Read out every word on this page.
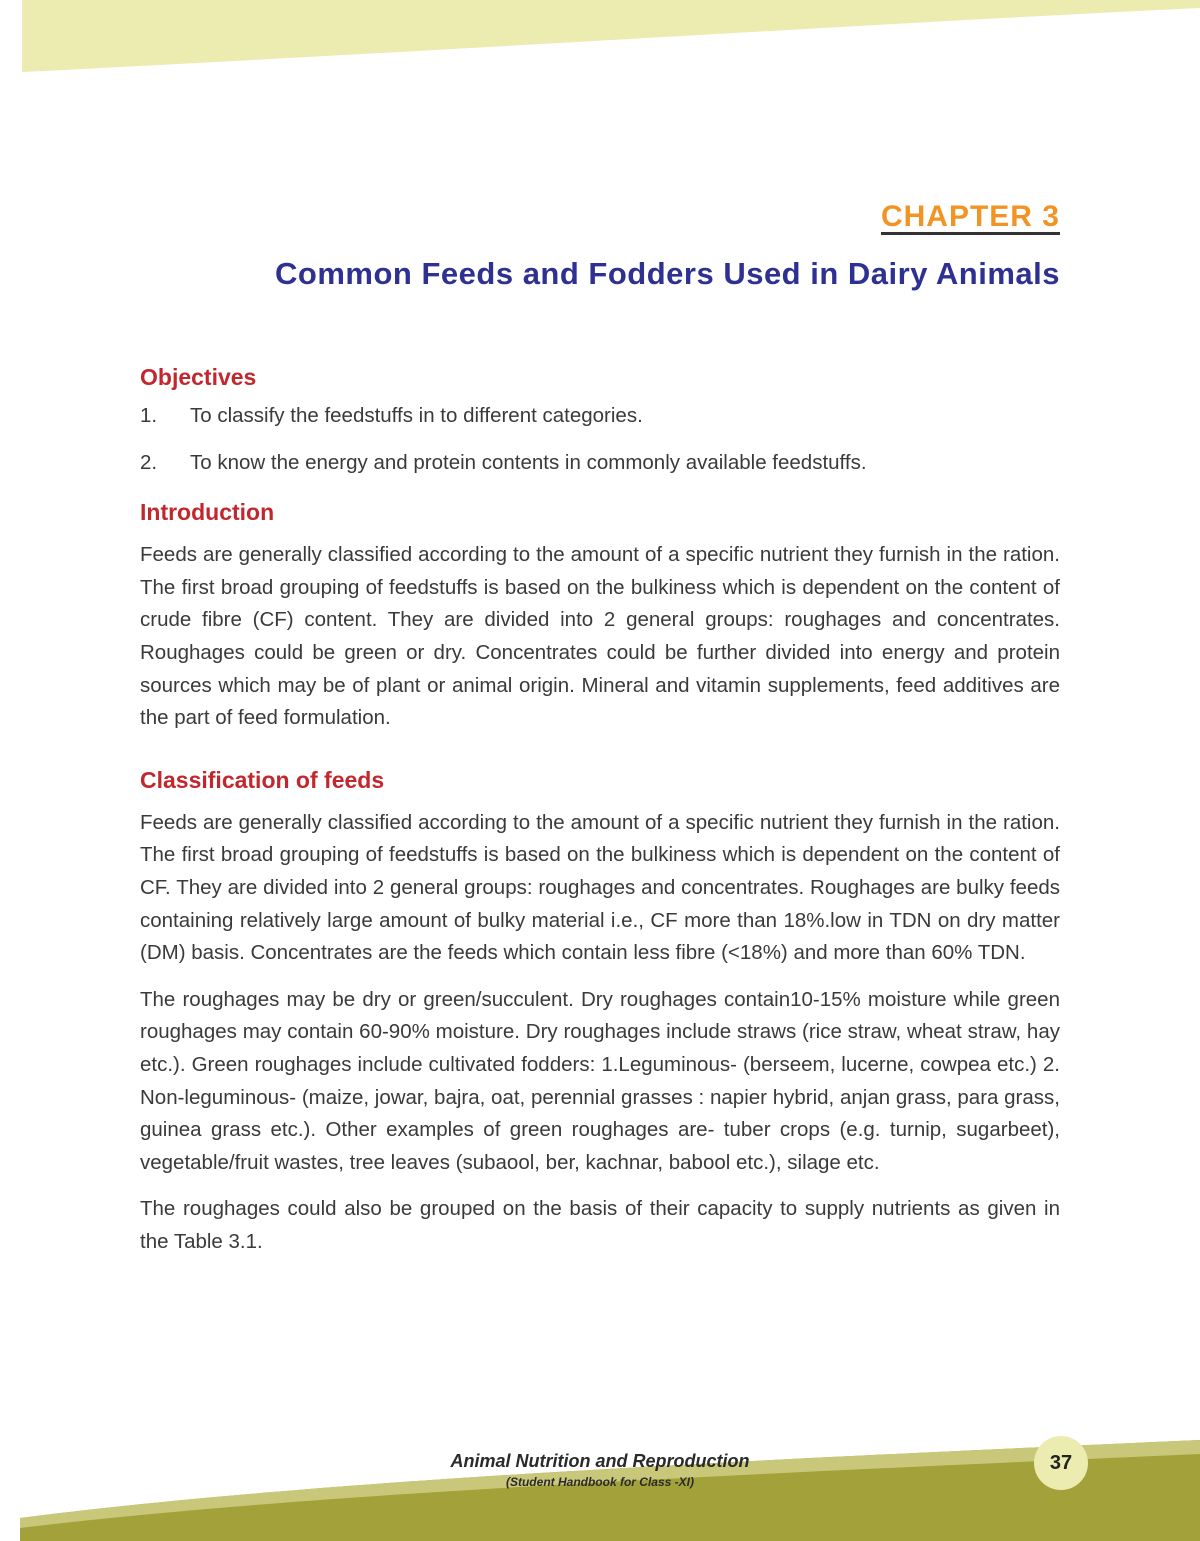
CHAPTER 3
Common Feeds and Fodders Used in Dairy Animals
Objectives
1.	To classify the feedstuffs in to different categories.
2.	To know the energy and protein contents in commonly available feedstuffs.
Introduction

Feeds are generally classified according to the amount of a specific nutrient they furnish in the ration. The first broad grouping of feedstuffs is based on the bulkiness which is dependent on the content of crude fibre (CF) content. They are divided into 2 general groups: roughages and concentrates. Roughages could be green or dry. Concentrates could be further divided into energy and protein sources which may be of plant or animal origin. Mineral and vitamin supplements, feed additives are the part of feed formulation.

Classification of feeds

Feeds are generally classified according to the amount of a specific nutrient they furnish in the ration. The first broad grouping of feedstuffs is based on the bulkiness which is dependent on the content of CF. They are divided into 2 general groups: roughages and concentrates. Roughages are bulky feeds containing relatively large amount of bulky material i.e., CF more than 18%.low in TDN on dry matter (DM) basis. Concentrates are the feeds which contain less fibre (<18%) and more than 60% TDN.

The roughages may be dry or green/succulent. Dry roughages contain10-15% moisture while green roughages may contain 60-90% moisture. Dry roughages include straws (rice straw, wheat straw, hay etc.). Green roughages include cultivated fodders: 1.Leguminous- (berseem, lucerne, cowpea etc.) 2. Non-leguminous- (maize, jowar, bajra, oat, perennial grasses : napier hybrid, anjan grass, para grass, guinea grass etc.). Other examples of green roughages are- tuber crops (e.g. turnip, sugarbeet), vegetable/fruit wastes, tree leaves (subaool, ber, kachnar, babool etc.), silage etc.

The roughages could also be grouped on the basis of their capacity to supply nutrients as given in the Table 3.1.

Animal Nutrition and Reproduction

(Student Handbook for Class -XI)

37
